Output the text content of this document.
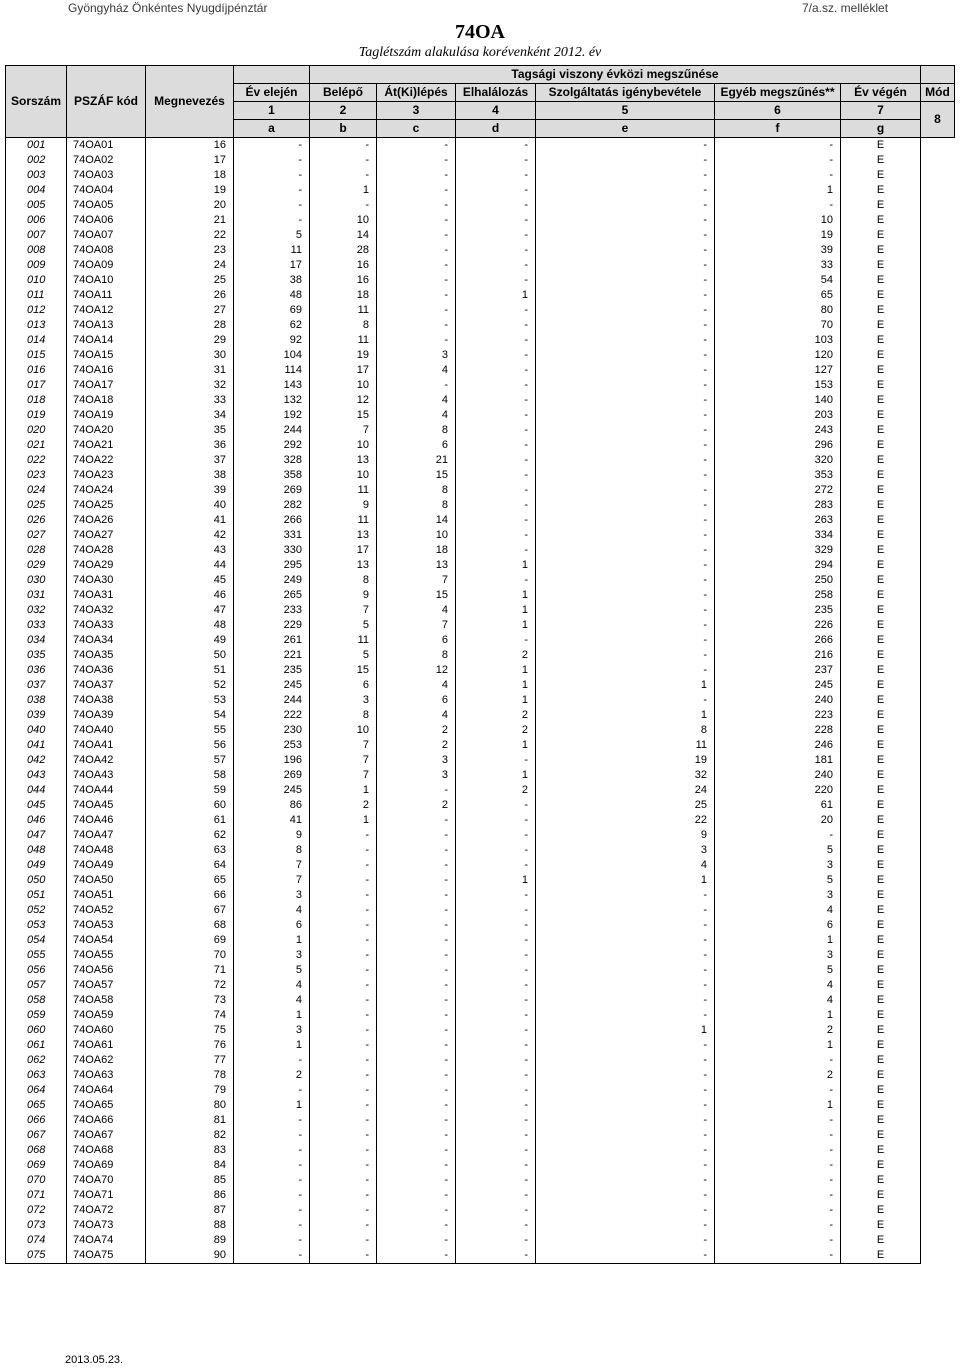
Gyöngyház Önkéntes Nyugdíjpénztár	7/a.sz. melléklet
74OA
Taglétszám alakulása korévenként 2012. év
Sorszám	PSZÁF kód	Megnevezés		Tagsági viszony évközi megszűnése						
			Év elején	Belépő	Át(Ki)lépés	Elhalálozás	Szolgáltatás igénybevétele	Egyéb megszűnés**	Év végén	Mód
			1	2	3	4	5	6	7	8
			a	b	c	d	e	f	g	
001	74OA01	16	-	-	-	-	-	-	E	
002	74OA02	17	-	-	-	-	-	-	E	
003	74OA03	18	-	-	-	-	-	-	E	
004	74OA04	19	-	1	-	-	-	1	E	
005	74OA05	20	-	-	-	-	-	-	E	
006	74OA06	21	-	10	-	-	-	10	E	
007	74OA07	22	5	14	-	-	-	19	E	
008	74OA08	23	11	28	-	-	-	39	E	
009	74OA09	24	17	16	-	-	-	33	E	
010	74OA10	25	38	16	-	-	-	54	E	
011	74OA11	26	48	18	-	1	-	65	E	
012	74OA12	27	69	11	-	-	-	80	E	
013	74OA13	28	62	8	-	-	-	70	E	
014	74OA14	29	92	11	-	-	-	103	E	
015	74OA15	30	104	19	3	-	-	120	E	
016	74OA16	31	114	17	4	-	-	127	E	
017	74OA17	32	143	10	-	-	-	153	E	
018	74OA18	33	132	12	4	-	-	140	E	
019	74OA19	34	192	15	4	-	-	203	E	
020	74OA20	35	244	7	8	-	-	243	E	
021	74OA21	36	292	10	6	-	-	296	E	
022	74OA22	37	328	13	21	-	-	320	E	
023	74OA23	38	358	10	15	-	-	353	E	
024	74OA24	39	269	11	8	-	-	272	E	
025	74OA25	40	282	9	8	-	-	283	E	
026	74OA26	41	266	11	14	-	-	263	E	
027	74OA27	42	331	13	10	-	-	334	E	
028	74OA28	43	330	17	18	-	-	329	E	
029	74OA29	44	295	13	13	1	-	294	E	
030	74OA30	45	249	8	7	-	-	250	E	
031	74OA31	46	265	9	15	1	-	258	E	
032	74OA32	47	233	7	4	1	-	235	E	
033	74OA33	48	229	5	7	1	-	226	E	
034	74OA34	49	261	11	6	-	-	266	E	
035	74OA35	50	221	5	8	2	-	216	E	
036	74OA36	51	235	15	12	1	-	237	E	
037	74OA37	52	245	6	4	1	1	245	E	
038	74OA38	53	244	3	6	1	-	240	E	
039	74OA39	54	222	8	4	2	1	223	E	
040	74OA40	55	230	10	2	2	8	228	E	
041	74OA41	56	253	7	2	1	11	246	E	
042	74OA42	57	196	7	3	-	19	181	E	
043	74OA43	58	269	7	3	1	32	240	E	
044	74OA44	59	245	1	-	2	24	220	E	
045	74OA45	60	86	2	2	-	25	61	E	
046	74OA46	61	41	1	-	-	22	20	E	
047	74OA47	62	9	-	-	-	9	-	E	
048	74OA48	63	8	-	-	-	3	5	E	
049	74OA49	64	7	-	-	-	4	3	E	
050	74OA50	65	7	-	-	1	1	5	E	
051	74OA51	66	3	-	-	-	-	3	E	
052	74OA52	67	4	-	-	-	-	4	E	
053	74OA53	68	6	-	-	-	-	6	E	
054	74OA54	69	1	-	-	-	-	1	E	
055	74OA55	70	3	-	-	-	-	3	E	
056	74OA56	71	5	-	-	-	-	5	E	
057	74OA57	72	4	-	-	-	-	4	E	
058	74OA58	73	4	-	-	-	-	4	E	
059	74OA59	74	1	-	-	-	-	1	E	
060	74OA60	75	3	-	-	-	1	2	E	
061	74OA61	76	1	-	-	-	-	1	E	
062	74OA62	77	-	-	-	-	-	-	E	
063	74OA63	78	2	-	-	-	-	2	E	
064	74OA64	79	-	-	-	-	-	-	E	
065	74OA65	80	1	-	-	-	-	1	E	
066	74OA66	81	-	-	-	-	-	-	E	
067	74OA67	82	-	-	-	-	-	-	E	
068	74OA68	83	-	-	-	-	-	-	E	
069	74OA69	84	-	-	-	-	-	-	E	
070	74OA70	85	-	-	-	-	-	-	E	
071	74OA71	86	-	-	-	-	-	-	E	
072	74OA72	87	-	-	-	-	-	-	E	
073	74OA73	88	-	-	-	-	-	-	E	
074	74OA74	89	-	-	-	-	-	-	E	
075	74OA75	90	-	-	-	-	-	-	E	
2013.05.23.
